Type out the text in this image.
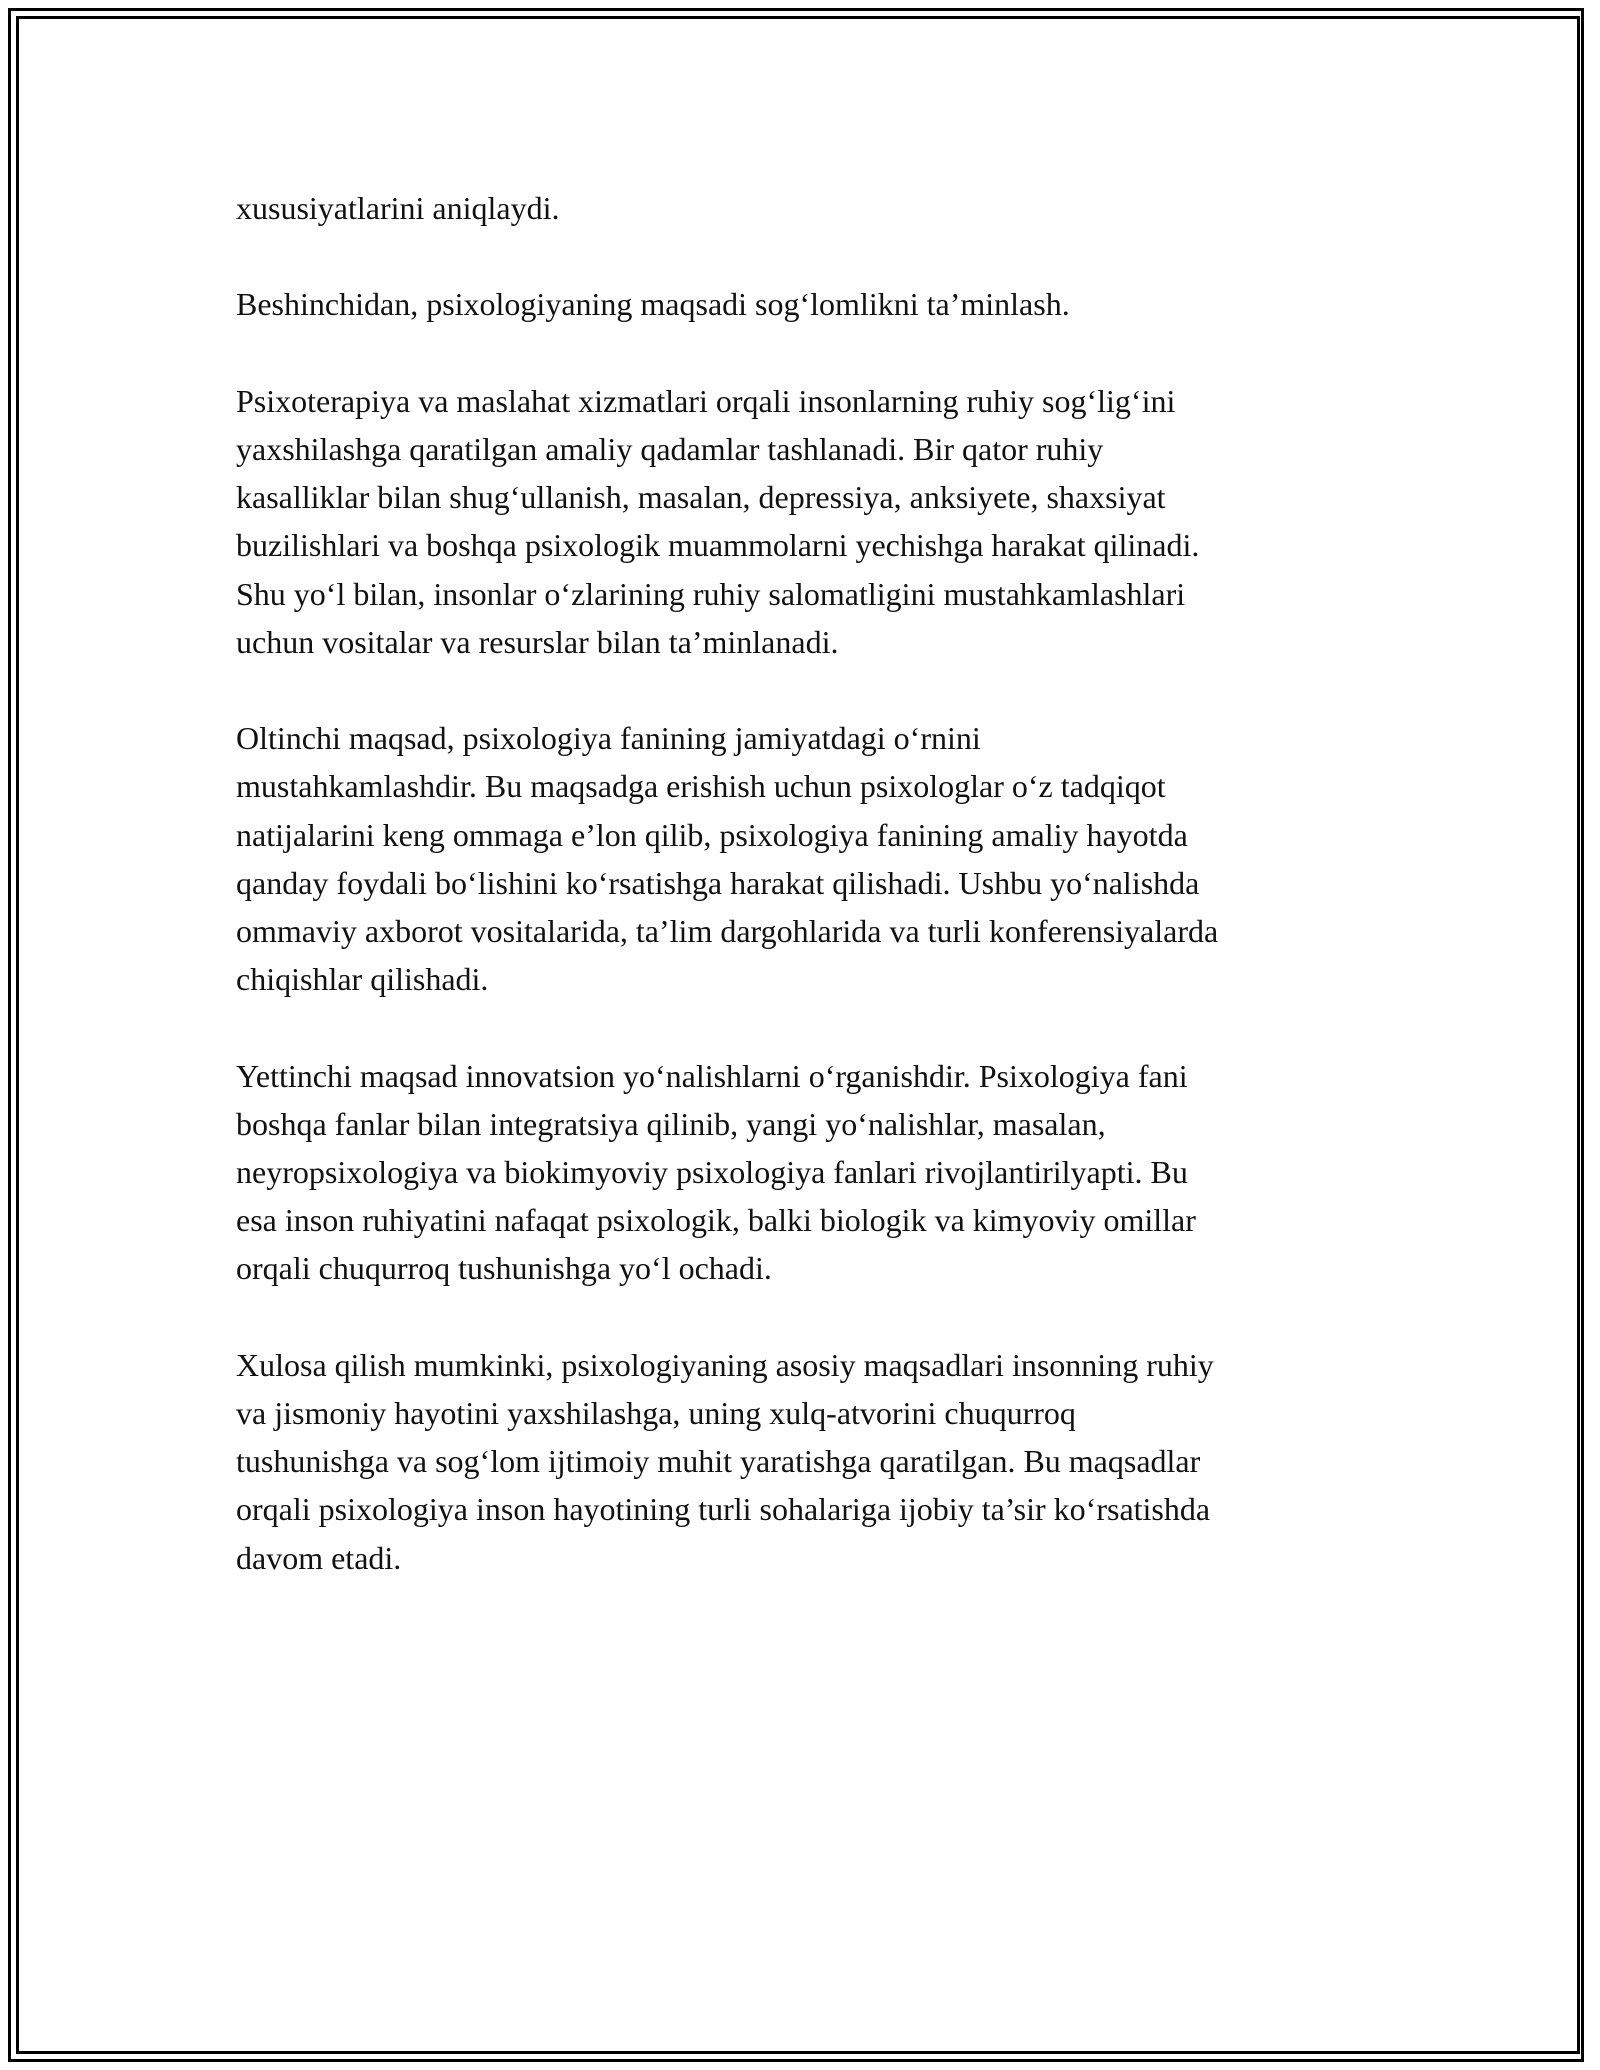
xususiyatlarini aniqlaydi.

Beshinchidan, psixologiyaning maqsadi sog‘lomlikni ta’minlash.

Psixoterapiya va maslahat xizmatlari orqali insonlarning ruhiy sog‘lig‘ini
yaxshilashga qaratilgan amaliy qadamlar tashlanadi. Bir qator ruhiy
kasalliklar bilan shug‘ullanish, masalan, depressiya, anksiyete, shaxsiyat
buzilishlari va boshqa psixologik muammolarni yechishga harakat qilinadi.
Shu yo‘l bilan, insonlar o‘zlarining ruhiy salomatligini mustahkamlashlari
uchun vositalar va resurslar bilan ta’minlanadi.

Oltinchi maqsad, psixologiya fanining jamiyatdagi o‘rnini
mustahkamlashdir. Bu maqsadga erishish uchun psixologlar o‘z tadqiqot
natijalarini keng ommaga e’lon qilib, psixologiya fanining amaliy hayotda
qanday foydali bo‘lishini ko‘rsatishga harakat qilishadi. Ushbu yo‘nalishda
ommaviy axborot vositalarida, ta’lim dargohlarida va turli konferensiyalarda
chiqishlar qilishadi.

Yettinchi maqsad innovatsion yo‘nalishlarni o‘rganishdir. Psixologiya fani
boshqa fanlar bilan integratsiya qilinib, yangi yo‘nalishlar, masalan,
neyropsixologiya va biokimyoviy psixologiya fanlari rivojlantirilyapti. Bu
esa inson ruhiyatini nafaqat psixologik, balki biologik va kimyoviy omillar
orqali chuqurroq tushunishga yo‘l ochadi.

Xulosa qilish mumkinki, psixologiyaning asosiy maqsadlari insonning ruhiy
va jismoniy hayotini yaxshilashga, uning xulq-atvorini chuqurroq
tushunishga va sog‘lom ijtimoiy muhit yaratishga qaratilgan. Bu maqsadlar
orqali psixologiya inson hayotining turli sohalariga ijobiy ta’sir ko‘rsatishda
davom etadi.
